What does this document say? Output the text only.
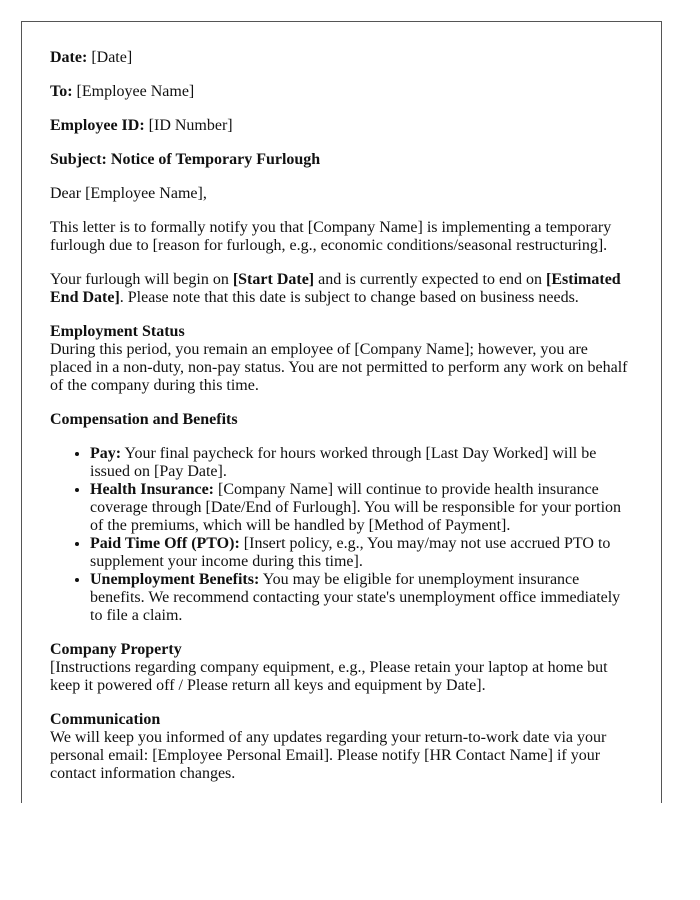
Date: [Date]

To: [Employee Name]

Employee ID: [ID Number]

Subject: Notice of Temporary Furlough

Dear [Employee Name],

This letter is to formally notify you that [Company Name] is implementing a temporary furlough due to [reason for furlough, e.g., economic conditions/seasonal restructuring].

Your furlough will begin on [Start Date] and is currently expected to end on [Estimated End Date]. Please note that this date is subject to change based on business needs.

Employment Status
During this period, you remain an employee of [Company Name]; however, you are placed in a non-duty, non-pay status. You are not permitted to perform any work on behalf of the company during this time.

Compensation and Benefits

• Pay: Your final paycheck for hours worked through [Last Day Worked] will be issued on [Pay Date].
• Health Insurance: [Company Name] will continue to provide health insurance coverage through [Date/End of Furlough]. You will be responsible for your portion of the premiums, which will be handled by [Method of Payment].
• Paid Time Off (PTO): [Insert policy, e.g., You may/may not use accrued PTO to supplement your income during this time].
• Unemployment Benefits: You may be eligible for unemployment insurance benefits. We recommend contacting your state's unemployment office immediately to file a claim.

Company Property
[Instructions regarding company equipment, e.g., Please retain your laptop at home but keep it powered off / Please return all keys and equipment by Date].

Communication
We will keep you informed of any updates regarding your return-to-work date via your personal email: [Employee Personal Email]. Please notify [HR Contact Name] if your contact information changes.
